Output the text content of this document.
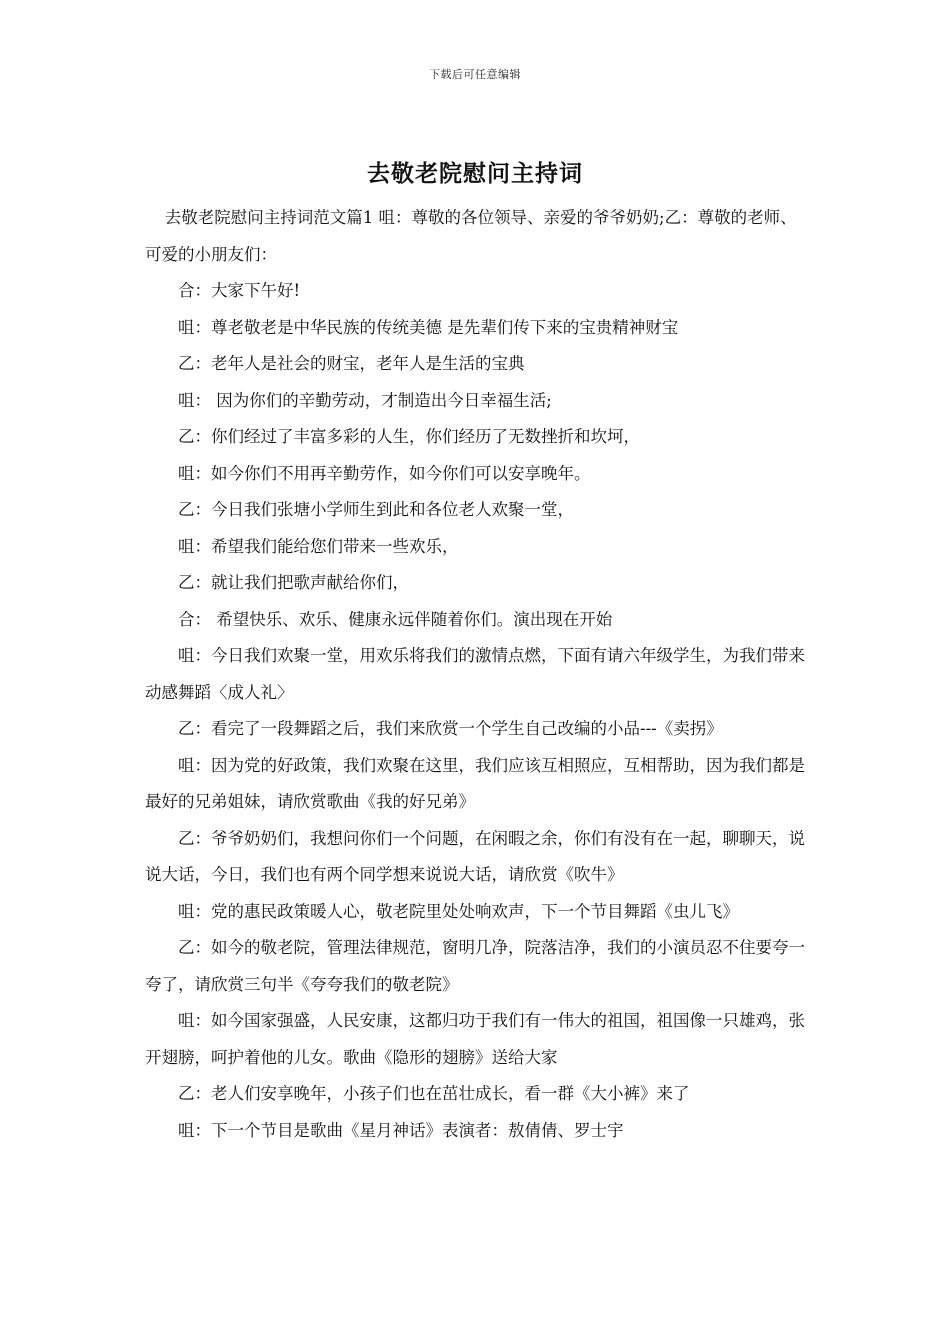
下载后可任意编辑
去敬老院慰问主持词

去敬老院慰问主持词范文篇1 咀：尊敬的各位领导、亲爱的爷爷奶奶;乙：尊敬的老师、可爱的小朋友们：

合：大家下午好!

咀：尊老敬老是中华民族的传统美德 是先辈们传下来的宝贵精神财宝

乙：老年人是社会的财宝，老年人是生活的宝典

咀： 因为你们的辛勤劳动，才制造出今日幸福生活;

乙：你们经过了丰富多彩的人生，你们经历了无数挫折和坎坷，

咀：如今你们不用再辛勤劳作，如今你们可以安享晚年。

乙：今日我们张塘小学师生到此和各位老人欢聚一堂，

咀：希望我们能给您们带来一些欢乐，

乙：就让我们把歌声献给你们，

合： 希望快乐、欢乐、健康永远伴随着你们。演出现在开始

咀：今日我们欢聚一堂，用欢乐将我们的激情点燃，下面有请六年级学生，为我们带来动感舞蹈〈成人礼〉

乙：看完了一段舞蹈之后，我们来欣赏一个学生自己改编的小品---《卖拐》

咀：因为党的好政策，我们欢聚在这里，我们应该互相照应，互相帮助，因为我们都是最好的兄弟姐妹，请欣赏歌曲《我的好兄弟》

乙：爷爷奶奶们，我想问你们一个问题，在闲暇之余，你们有没有在一起，聊聊天，说说大话，今日，我们也有两个同学想来说说大话，请欣赏《吹牛》

咀：党的惠民政策暖人心，敬老院里处处响欢声，下一个节目舞蹈《虫儿飞》

乙：如今的敬老院，管理法律规范，窗明几净，院落洁净，我们的小演员忍不住要夸一夸了，请欣赏三句半《夸夸我们的敬老院》

咀：如今国家强盛，人民安康，这都归功于我们有一伟大的祖国，祖国像一只雄鸡，张开翅膀，呵护着他的儿女。歌曲《隐形的翅膀》送给大家

乙：老人们安享晚年，小孩子们也在茁壮成长，看一群《大小裤》来了

咀：下一个节目是歌曲《星月神话》表演者：敖倩倩、罗士宇
